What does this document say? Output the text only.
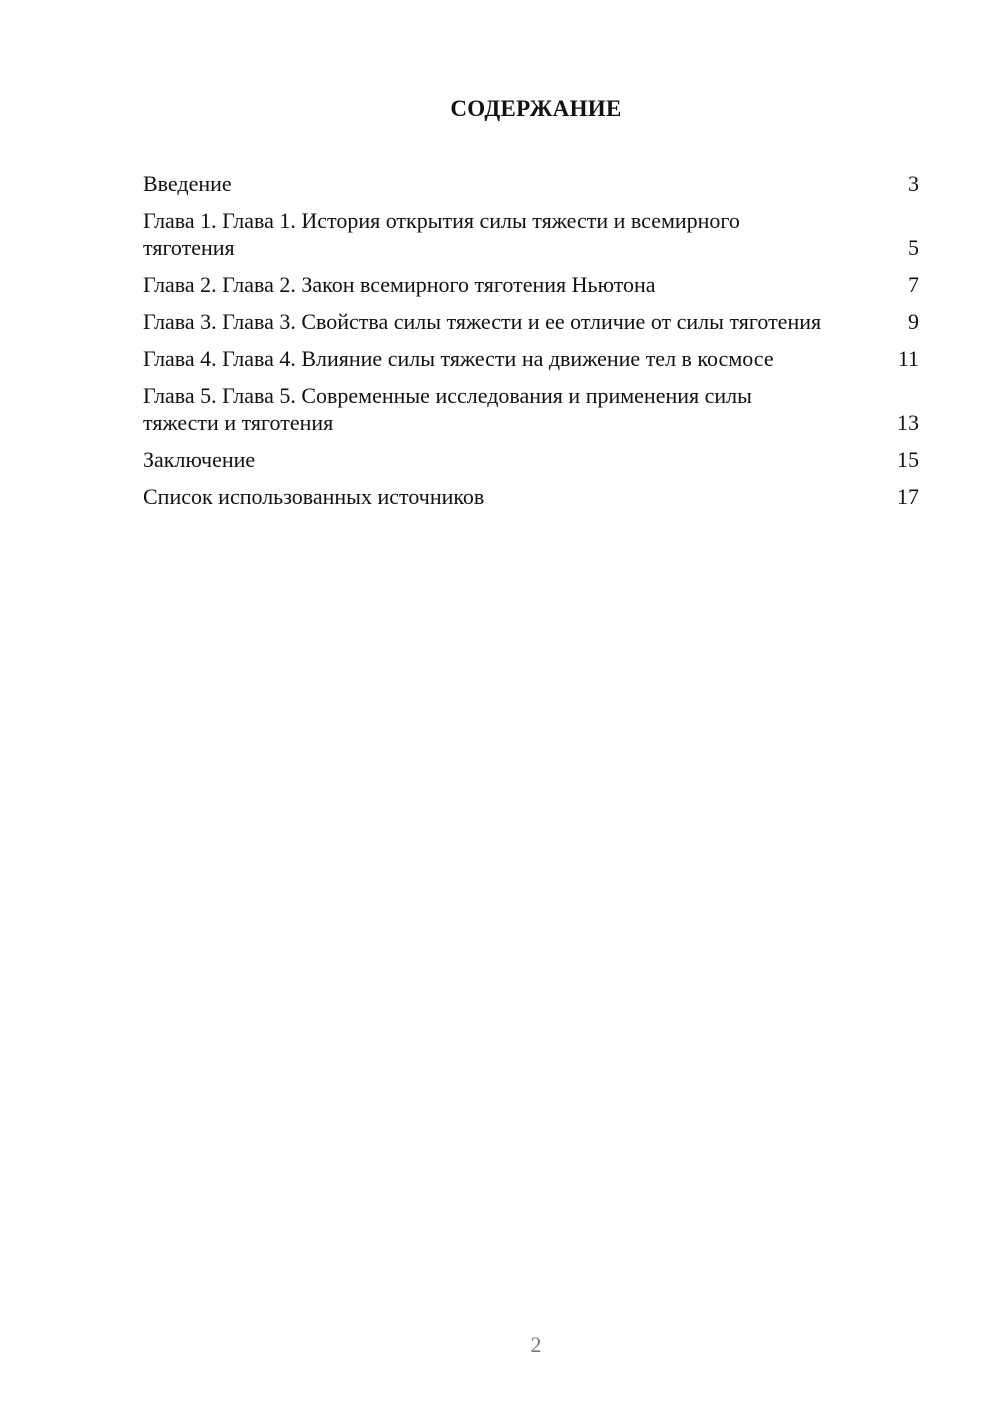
СОДЕРЖАНИЕ
Введение	3
Глава 1. Глава 1. История открытия силы тяжести и всемирного тяготения	5
Глава 2. Глава 2. Закон всемирного тяготения Ньютона	7
Глава 3. Глава 3. Свойства силы тяжести и ее отличие от силы тяготения	9
Глава 4. Глава 4. Влияние силы тяжести на движение тел в космосе	11
Глава 5. Глава 5. Современные исследования и применения силы тяжести и тяготения	13
Заключение	15
Список использованных источников	17
2
